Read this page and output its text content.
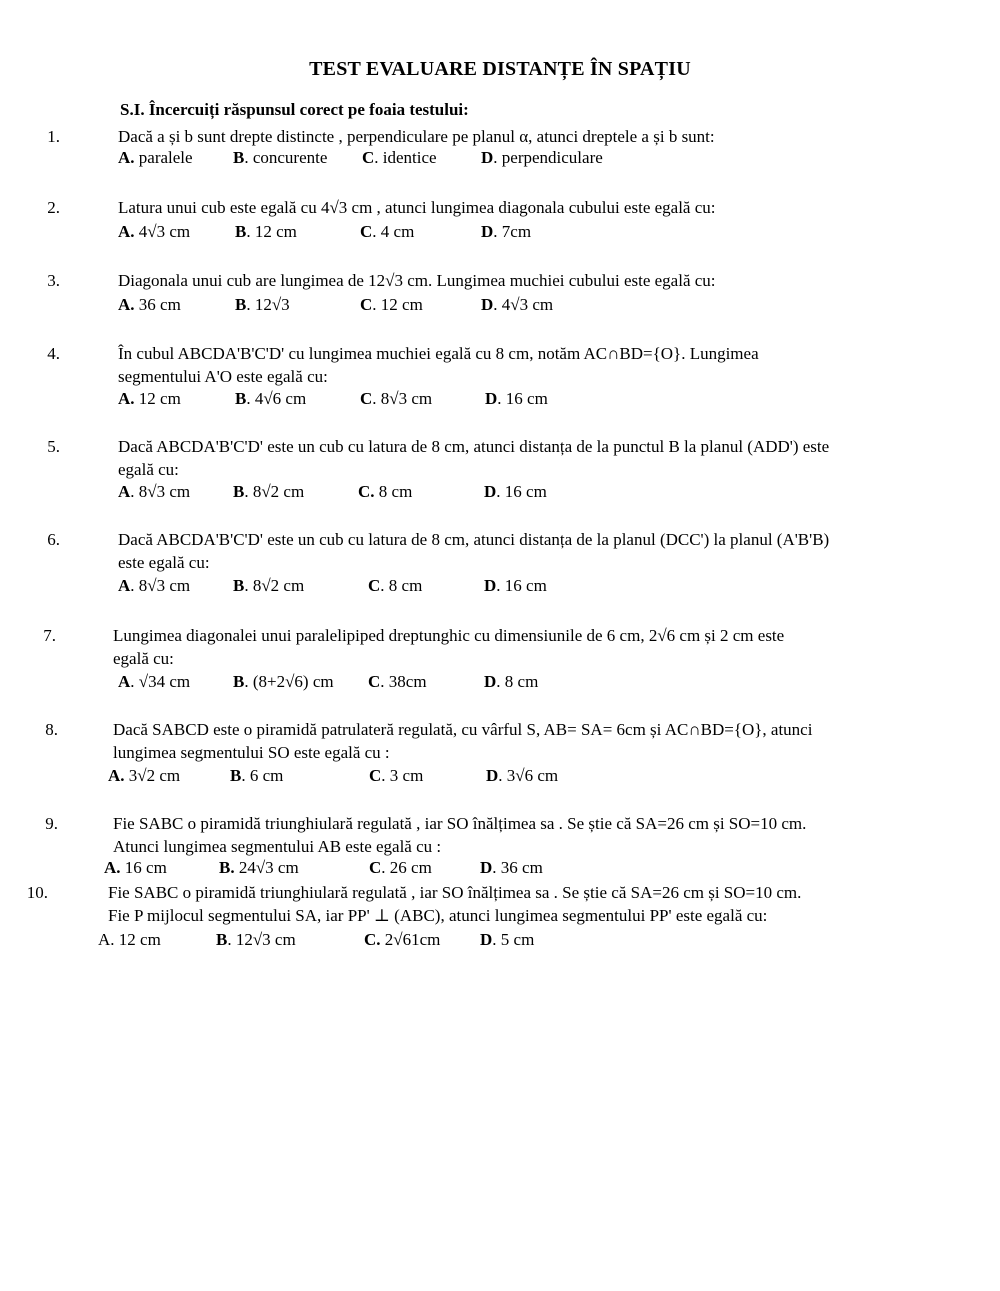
TEST EVALUARE DISTANȚE ÎN SPAȚIU
S.I. Încercuiți răspunsul corect pe foaia testului:
1.	Dacă a și b sunt drepte distincte , perpendiculare pe planul α, atunci dreptele a și b sunt:
A. paralele B. concurente C. identice	D. perpendiculare
2.	Latura unui cub este egală cu 4√3 cm , atunci lungimea diagonala cubului este egală cu:
A. 4√3 cm	B. 12 cm	C. 4 cm	D. 7cm
3.	Diagonala unui cub are lungimea de 12√3 cm. Lungimea muchiei cubului este egală cu:
A. 36 cm	B. 12√3	C. 12 cm	D. 4√3 cm
4.	În cubul ABCDA'B'C'D' cu lungimea muchiei egală cu 8 cm, notăm AC∩BD={O}. Lungimea
segmentului A'O este egală cu:
A. 12 cm	B. 4√6 cm	C. 8√3 cm	D. 16 cm
5.	Dacă ABCDA'B'C'D' este un cub cu latura de 8 cm, atunci distanța de la punctul B la planul (ADD') este
egală cu:
A. 8√3 cm	B. 8√2 cm	C. 8 cm	D. 16 cm
6.	Dacă ABCDA'B'C'D' este un cub cu latura de 8 cm, atunci distanța de la planul (DCC') la planul (A'B'B)
este egală cu:
A. 8√3 cm	B. 8√2 cm	C. 8 cm	D. 16 cm
7.	Lungimea diagonalei unui paralelipiped dreptunghic cu dimensiunile de 6 cm, 2√6 cm și 2 cm este
egală cu:
A. √34 cm	B. (8+2√6) cm C. 38cm	D. 8 cm
8.	Dacă SABCD este o piramidă patrulateră regulată, cu vârful S, AB= SA= 6cm și AC∩BD={O}, atunci
lungimea segmentului SO este egală cu :
A. 3√2 cm	B. 6 cm	C. 3 cm	D. 3√6 cm
9.	Fie SABC o piramidă triunghiulară regulată , iar SO înălțimea sa . Se știe că SA=26 cm și SO=10 cm.
Atunci lungimea segmentului AB este egală cu :
A. 16 cm	B. 24√3 cm	C. 26 cm	D. 36 cm
10.	Fie SABC o piramidă triunghiulară regulată , iar SO înălțimea sa . Se știe că SA=26 cm și SO=10 cm.
Fie P mijlocul segmentului SA, iar PP' ⊥ (ABC), atunci lungimea segmentului PP' este egală cu:
A. 12 cm	B. 12√3 cm	C. 2√61cm D. 5 cm
